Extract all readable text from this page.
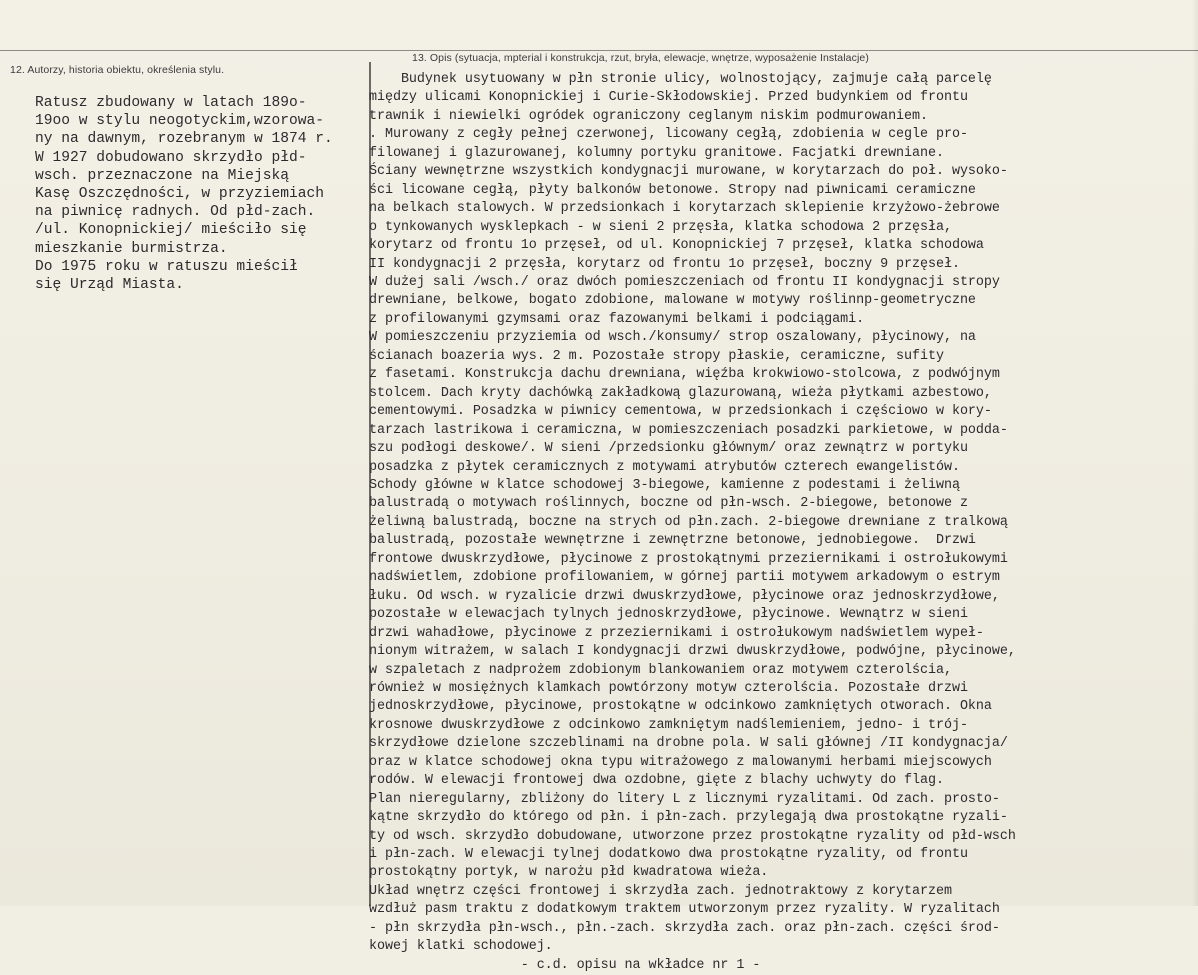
12. Autorzy, historia obiektu, określenia stylu.
13. Opis (sytuacja, mpterial i konstrukcja, rzut, bryła, elewacje, wnętrze, wyposażenie Instalacje)
Ratusz zbudowany w latach 189o-
19oo w stylu neogotyckim,wzorowa-
ny na dawnym, rozebranym w 1874 r.
W 1927 dobudowano skrzydło płd-
wsch. przeznaczone na Miejską
Kasę Oszczędności, w przyziemiach
na piwnicę radnych. Od płd-zach.
/ul. Konopnickiej/ mieściło się
mieszkanie burmistrza.
Do 1975 roku w ratuszu mieścił
się Urząd Miasta.
Budynek usytuowany w płn stronie ulicy, wolnostojący, zajmuje całą parcelę
między ulicami Konopnickiej i Curie-Skłodowskiej. Przed budynkiem od frontu
trawnik i niewielki ogródek ograniczony ceglanym niskim podmurowaniem.
. Murowany z cegły pełnej czerwonej, licowany cegłą, zdobienia w cegle pro-
filowanej i glazurowanej, kolumny portyku granitowe. Facjatki drewniane.
Ściany wewnętrzne wszystkich kondygnacji murowane, w korytarzach do poł. wysoko-
ści licowane cegłą, płyty balkonów betonowe. Stropy nad piwnicami ceramiczne
na belkach stalowych. W przedsionkach i korytarzach sklepienie krzyżowo-żebrowe
o tynkowanych wysklepkach - w sieni 2 przęsła, klatka schodowa 2 przęsła,
korytarz od frontu 1o przęseł, od ul. Konopnickiej 7 przęseł, klatka schodowa
II kondygnacji 2 przęsła, korytarz od frontu 1o przęseł, boczny 9 przęseł.
W dużej sali /wsch./ oraz dwóch pomieszczeniach od frontu II kondygnacji stropy
drewniane, belkowe, bogato zdobione, malowane w motywy roślinnp-geometryczne
z profilowanymi gzymsami oraz fazowanymi belkami i podciągami.
W pomieszczeniu przyziemia od wsch./konsumy/ strop oszalowany, płycinowy, na
ścianach boazeria wys. 2 m. Pozostałe stropy płaskie, ceramiczne, sufity
z fasetami. Konstrukcja dachu drewniana, więźba krokwiowo-stolcowa, z podwójnym
stolcem. Dach kryty dachówką zakładkową glazurowaną, wieża płytkami azbestowo,
cementowymi. Posadzka w piwnicy cementowa, w przedsionkach i częściowo w kory-
tarzach lastrikowa i ceramiczna, w pomieszczeniach posadzki parkietowe, w podda-
szu podłogi deskowe/. W sieni /przedsionku głównym/ oraz zewnątrz w portyku
posadzka z płytek ceramicznych z motywami atrybutów czterech ewangelistów.
Schody główne w klatce schodowej 3-biegowe, kamienne z podestami i żeliwną
balustradą o motywach roślinnych, boczne od płn-wsch. 2-biegowe, betonowe z
żeliwną balustradą, boczne na strych od płn.zach. 2-biegowe drewniane z tralkową
balustradą, pozostałe wewnętrzne i zewnętrzne betonowe, jednobiegowe.  Drzwi
frontowe dwuskrzydłowe, płycinowe z prostokątnymi przeziernikami i ostrołukowymi
nadświetlem, zdobione profilowaniem, w górnej partii motywem arkadowym o estrym
łuku. Od wsch. w ryzalicie drzwi dwuskrzydłowe, płycinowe oraz jednoskrzydłowe,
pozostałe w elewacjach tylnych jednoskrzydłowe, płycinowe. Wewnątrz w sieni
drzwi wahadłowe, płycinowe z przeziernikami i ostrołukowym nadświetlem wypeł-
nionym witrażem, w salach I kondygnacji drzwi dwuskrzydłowe, podwójne, płycinowe,
w szpaletach z nadprożem zdobionym blankowaniem oraz motywem czterolścia,
również w mosiężnych klamkach powtórzony motyw czterolścia. Pozostałe drzwi
jednoskrzydłowe, płycinowe, prostokątne w odcinkowo zamkniętych otworach. Okna
krosnowe dwuskrzydłowe z odcinkowo zamkniętym nadślemieniem, jedno- i trój-
skrzydłowe dzielone szczeblinami na drobne pola. W sali głównej /II kondygnacja/
oraz w klatce schodowej okna typu witrażowego z malowanymi herbami miejscowych
rodów. W elewacji frontowej dwa ozdobne, gięte z blachy uchwyty do flag.
Plan nieregularny, zbliżony do litery L z licznymi ryzalitami. Od zach. prosto-
kątne skrzydło do którego od płn. i płn-zach. przylegają dwa prostokątne ryzali-
ty od wsch. skrzydło dobudowane, utworzone przez prostokątne ryzality od płd-wsch
i płn-zach. W elewacji tylnej dodatkowo dwa prostokątne ryzality, od frontu
prostokątny portyk, w narożu płd kwadratowa wieża.
Układ wnętrz części frontowej i skrzydła zach. jednotraktowy z korytarzem
wzdłuż pasm traktu z dodatkowym traktem utworzonym przez ryzality. W ryzalitach
- płn skrzydła płn-wsch., płn.-zach. skrzydła zach. oraz płn-zach. części środ-
kowej klatki schodowej.
- c.d. opisu na wkładce nr 1 -
